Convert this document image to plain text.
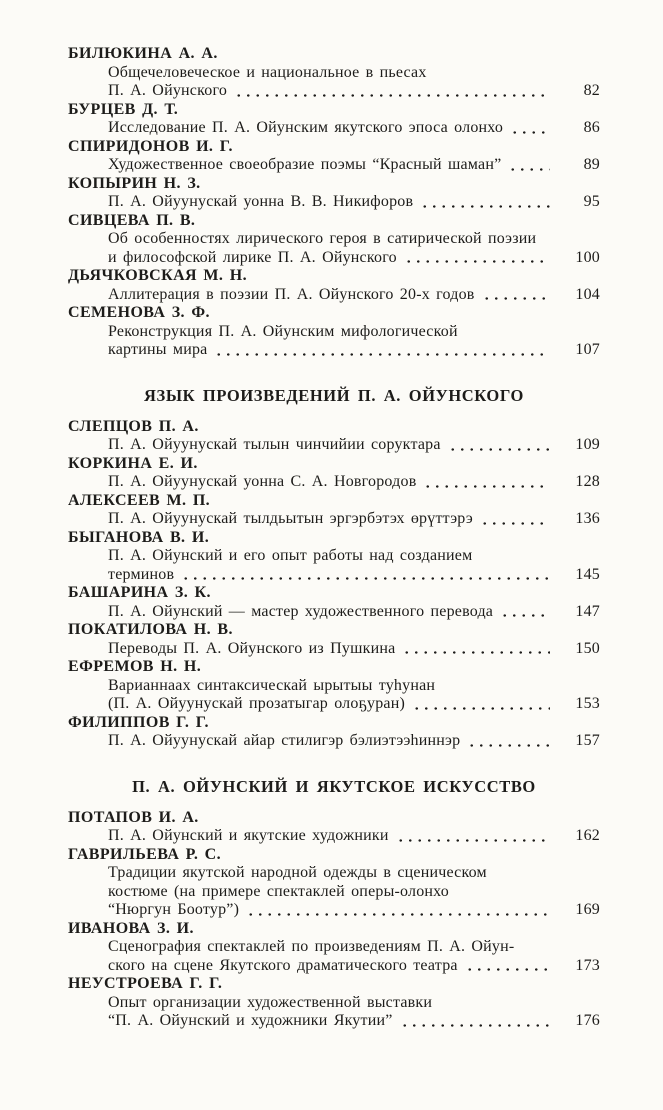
БИЛЮКИНА А. А.
Общечеловеческое и национальное в пьесах
П. А. Ойунского	82
БУРЦЕВ Д. Т.
Исследование П. А. Ойунским якутского эпоса олонхо	86
СПИРИДОНОВ И. Г.
Художественное своеобразие поэмы “Красный шаман”	89
КОПЫРИН Н. З.
П. А. Ойуунускай уонна В. В. Никифоров	95
СИВЦЕВА П. В.
Об особенностях лирического героя в сатирической поэзии
и философской лирике П. А. Ойунского	100
ДЬЯЧКОВСКАЯ М. Н.
Аллитерация в поэзии П. А. Ойунского 20-х годов	104
СЕМЕНОВА З. Ф.
Реконструкция П. А. Ойунским мифологической
картины мира	107
ЯЗЫК ПРОИЗВЕДЕНИЙ П. А. ОЙУНСКОГО
СЛЕПЦОВ П. А.
П. А. Ойуунускай тылын чинчийии соруктара	109
КОРКИНА Е. И.
П. А. Ойуунускай уонна С. А. Новгородов	128
АЛЕКСЕЕВ М. П.
П. А. Ойуунускай тылдьытын эргэрбэтэх өрүттэрэ	136
БЫГАНОВА В. И.
П. А. Ойунский и его опыт работы над созданием
терминов	145
БАШАРИНА З. К.
П. А. Ойунский — мастер художественного перевода	147
ПОКАТИЛОВА Н. В.
Переводы П. А. Ойунского из Пушкина	150
ЕФРЕМОВ Н. Н.
Варианнаах синтаксическай ырытыы туһунан
(П. А. Ойуунускай прозатыгар олоҕуран)	153
ФИЛИППОВ Г. Г.
П. А. Ойуунускай айар стилигэр бэлиэтээһиннэр	157
П. А. ОЙУНСКИЙ И ЯКУТСКОЕ ИСКУССТВО
ПОТАПОВ И. А.
П. А. Ойунский и якутские художники	162
ГАВРИЛЬЕВА Р. С.
Традиции якутской народной одежды в сценическом
костюме (на примере спектаклей оперы-олонхо
“Нюргун Боотур”)	169
ИВАНОВА З. И.
Сценография спектаклей по произведениям П. А. Ойун-
ского на сцене Якутского драматического театра	173
НЕУСТРОЕВА Г. Г.
Опыт организации художественной выставки
“П. А. Ойунский и художники Якутии”	176
